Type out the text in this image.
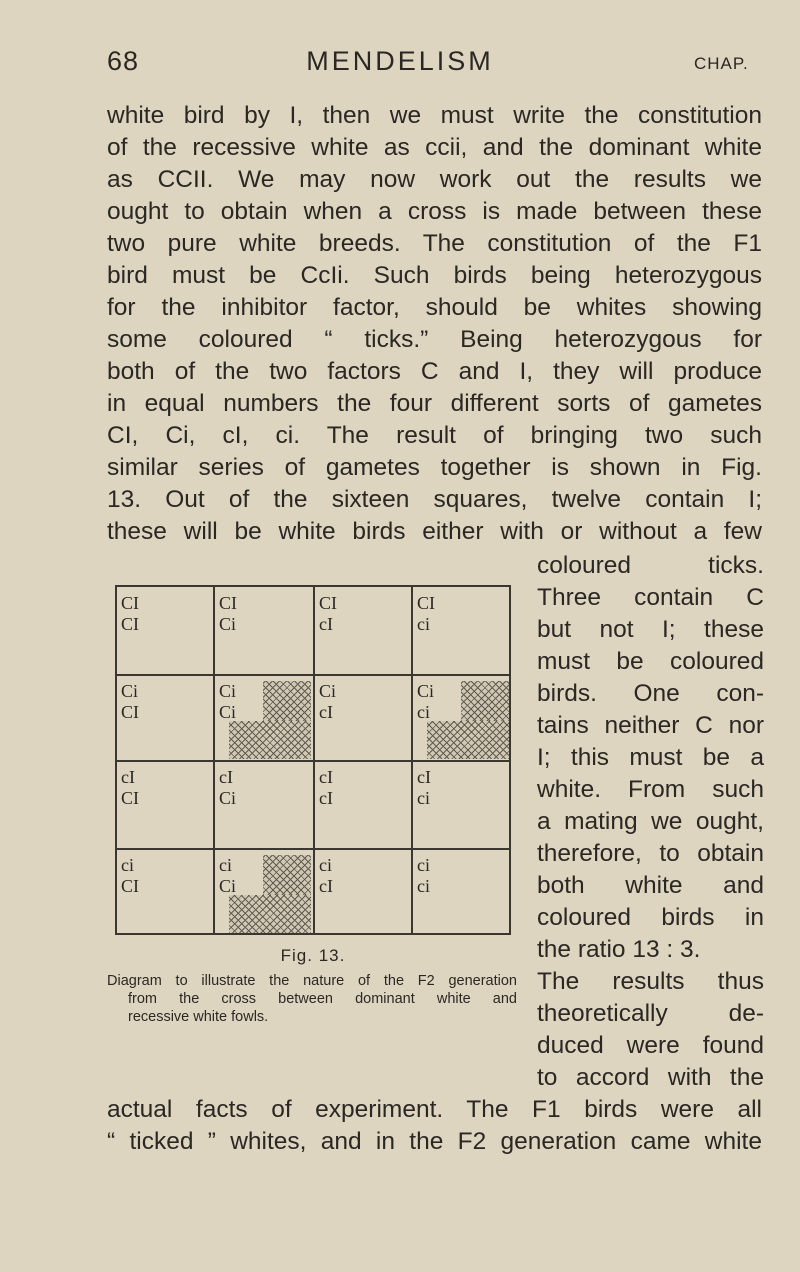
68	MENDELISM	CHAP.
white bird by I, then we must write the constitution
of the recessive white as ccii, and the dominant white
as CCII. We may now work out the results we
ought to obtain when a cross is made between these
two pure white breeds. The constitution of the F1
bird must be CcIi. Such birds being heterozygous
for the inhibitor factor, should be whites showing
some coloured “ ticks.” Being heterozygous for
both of the two factors C and I, they will produce
in equal numbers the four different sorts of gametes
CI, Ci, cI, ci. The result of bringing two such
similar series of gametes together is shown in Fig.
13. Out of the sixteen squares, twelve contain I;
these will be white birds either with or without a few
coloured ticks.
Three contain C
but not I; these
must be coloured
birds. One con-
tains neither C nor
I; this must be a
white. From such
a mating we ought,
therefore, to obtain
both white and
coloured birds in
the ratio 13 : 3.
The results thus
theoretically de-
duced were found
to accord with the
actual facts of experiment. The F1 birds were all
“ ticked ” whites, and in the F2 generation came white
CI
CI
CI
Ci
CI
cI
CI
ci
Ci
CI
Ci
Ci
Ci
cI
Ci
ci
cI
CI
cI
Ci
cI
cI
cI
ci
ci
CI
ci
Ci
ci
cI
ci
ci
Fig. 13.
Diagram to illustrate the nature of the F2 generation
from the cross between dominant white and
recessive white fowls.
